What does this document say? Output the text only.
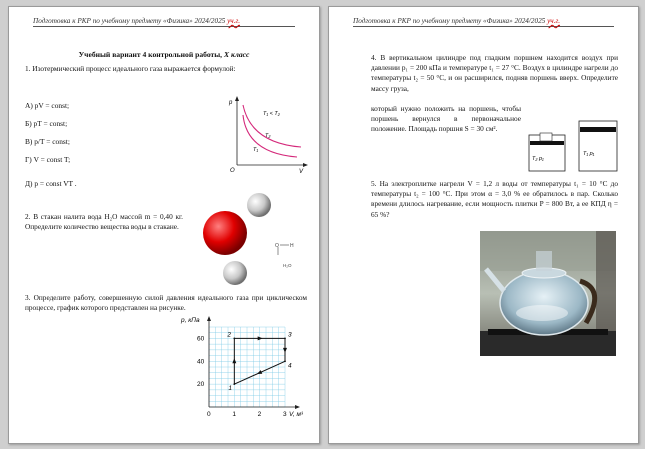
Подготовка к РКР по учебному предмету «Физика» 2024/2025 уч.г.
Учебный вариант 4 контрольной работы, X класс
1. Изотермический процесс идеального газа выражается формулой:
А) pV = const;
Б) pT = const;
В) p/T = const;
Г) V = const T;
Д) p = const VT .
p
V
O
T₁ < T₂
T₂
T₁
2. В стакан налита вода H₂O массой m = 0,40 кг. Определите количество вещества воды в стакане.
O H
H₂O
3. Определите работу, совершенную силой давления идеального газа при циклическом процессе, график которого представлен на рисунке.
0	1	2	3
20
40
60
p, кПа
V, м³
1
2	3
4
Подготовка к РКР по учебному предмету «Физика» 2024/2025 уч.г.
4. В вертикальном цилиндре под гладким поршнем находится воздух при давлении p₁ = 200 кПа и температуре t₁ = 27 °C. Воздух в цилиндре нагрели до температуры t₂ = 50 °C, и он расширился, подняв поршень вверх. Определите массу груза,
который нужно положить на поршень, чтобы поршень вернулся в первоначальное положение. Площадь поршня S = 30 см².
T₂ p₁
T₁ p₁
5. На электроплитке нагрели V = 1,2 л воды от температуры t₁ = 10 °C до температуры t₂ = 100 °C. При этом α = 3,0 % ее обратилось в пар. Сколько времени длилось нагревание, если мощность плитки P = 800 Вт, а ее КПД η = 65 %?
